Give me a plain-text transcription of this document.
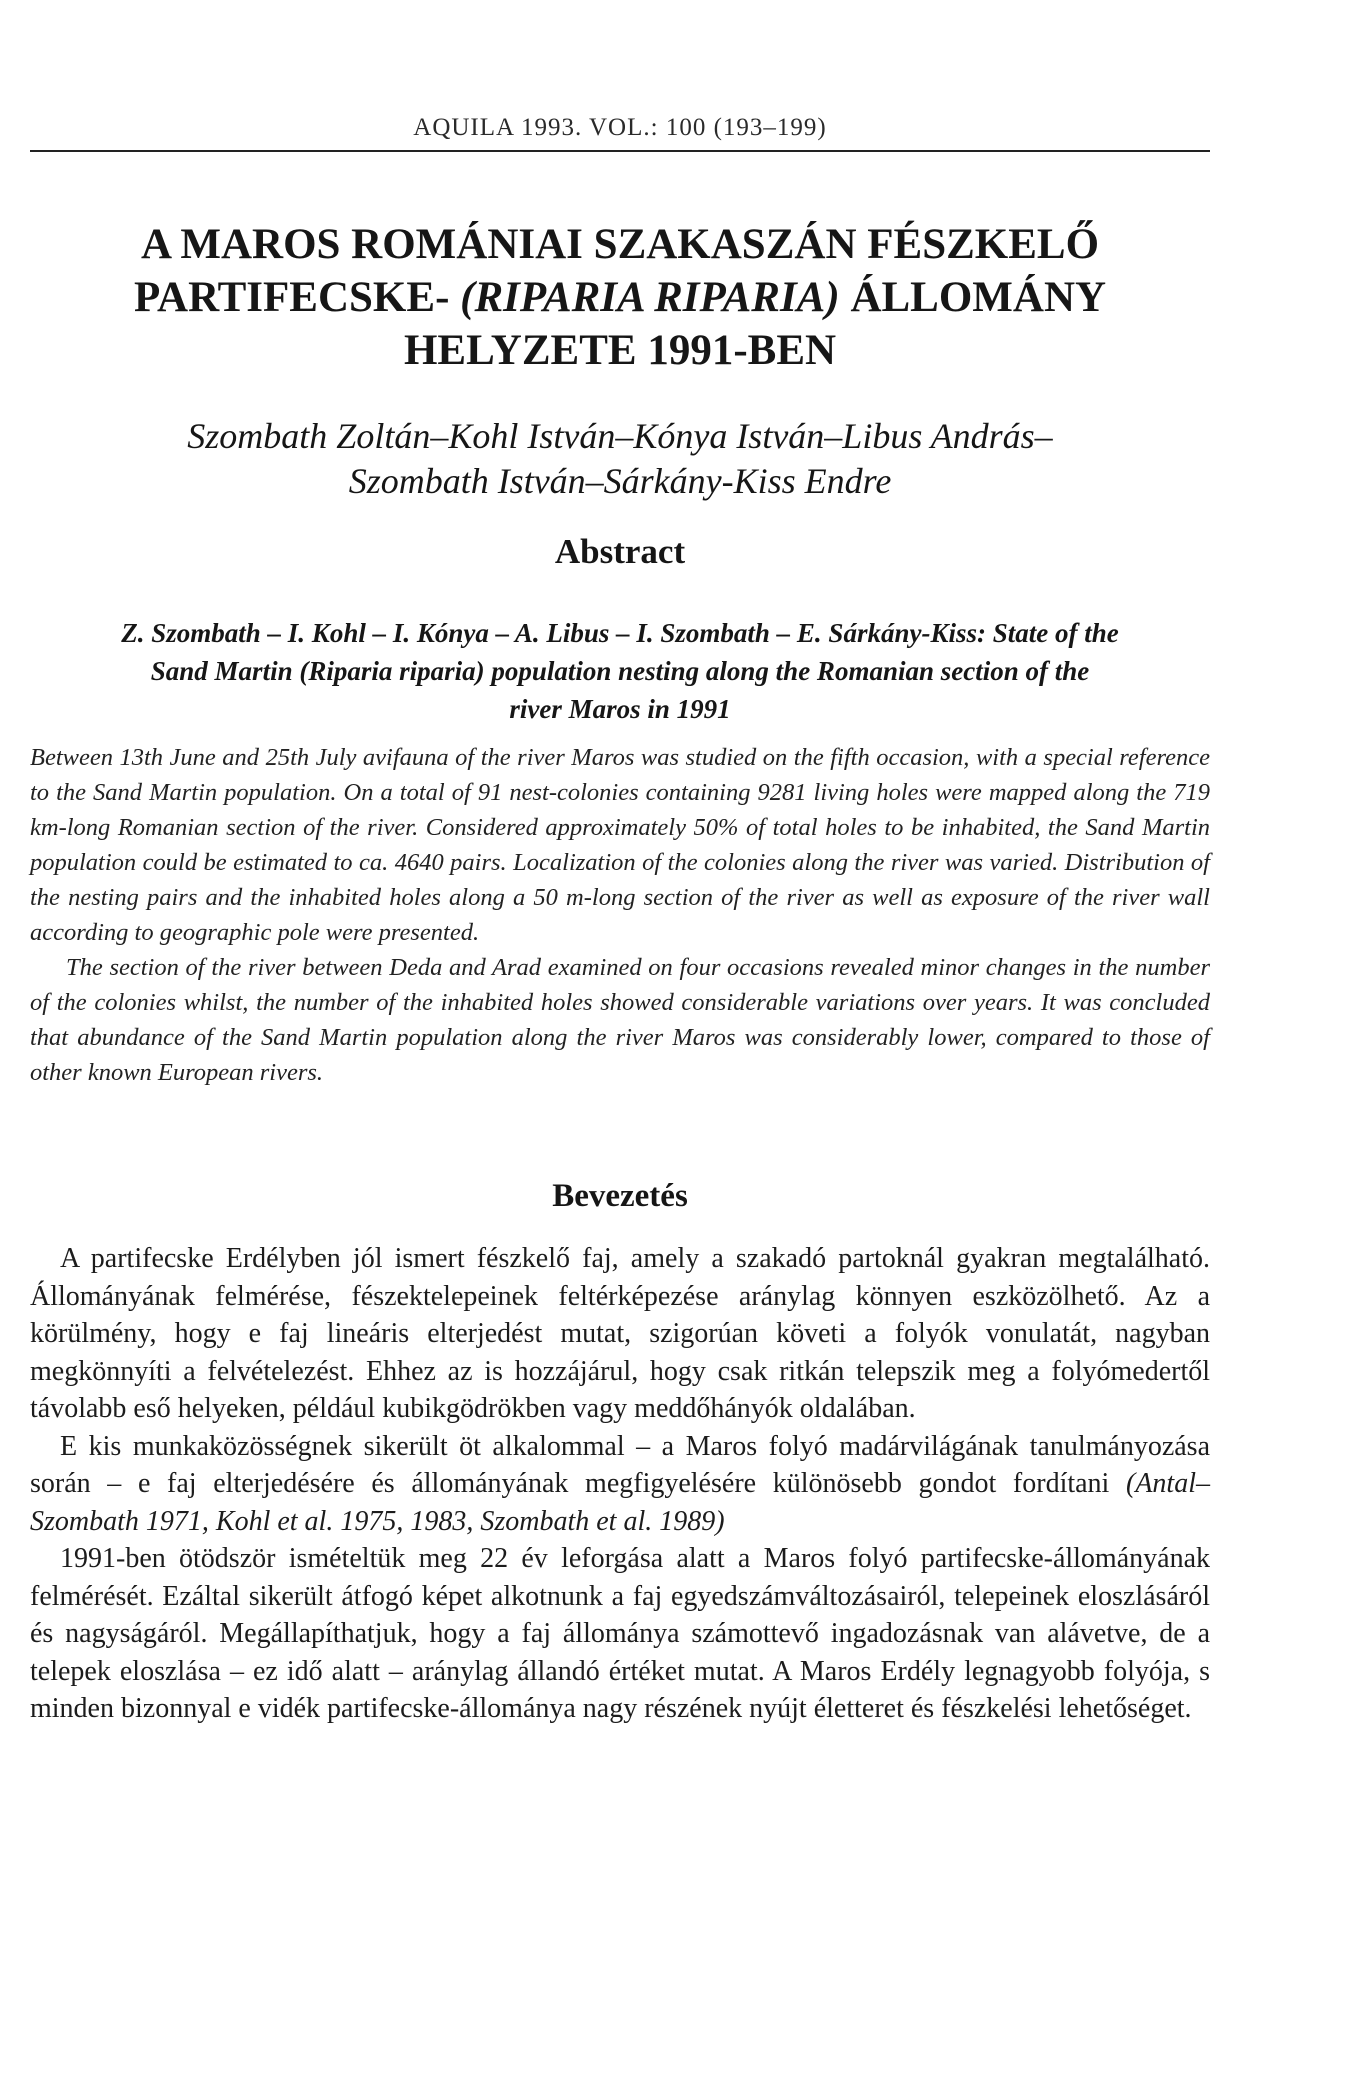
AQUILA 1993. VOL.: 100 (193–199)
A MAROS ROMÁNIAI SZAKASZÁN FÉSZKELŐ
PARTIFECSKE- (RIPARIA RIPARIA) ÁLLOMÁNY
HELYZETE 1991-BEN
Szombath Zoltán–Kohl István–Kónya István–Libus András–
Szombath István–Sárkány-Kiss Endre
Abstract
Z. Szombath – I. Kohl – I. Kónya – A. Libus – I. Szombath – E. Sárkány-Kiss: State of the
Sand Martin (Riparia riparia) population nesting along the Romanian section of the
river Maros in 1991

Between 13th June and 25th July avifauna of the river Maros was studied on the fifth occasion, with a special reference to the Sand Martin population. On a total of 91 nest-colonies containing 9281 living holes were mapped along the 719 km-long Romanian section of the river. Considered approximately 50% of total holes to be inhabited, the Sand Martin population could be estimated to ca. 4640 pairs. Localization of the colonies along the river was varied. Distribution of the nesting pairs and the inhabited holes along a 50 m-long section of the river as well as exposure of the river wall according to geographic pole were presented.

The section of the river between Deda and Arad examined on four occasions revealed minor changes in the number of the colonies whilst, the number of the inhabited holes showed considerable variations over years. It was concluded that abundance of the Sand Martin population along the river Maros was considerably lower, compared to those of other known European rivers.

Bevezetés

A partifecske Erdélyben jól ismert fészkelő faj, amely a szakadó partoknál gyakran megtalálható. Állományának felmérése, fészektelepeinek feltérképezése aránylag könnyen eszközölhető. Az a körülmény, hogy e faj lineáris elterjedést mutat, szigorúan követi a folyók vonulatát, nagyban megkönnyíti a felvételezést. Ehhez az is hozzájárul, hogy csak ritkán telepszik meg a folyómedertől távolabb eső helyeken, például kubikgödrökben vagy meddőhányók oldalában.

E kis munkaközösségnek sikerült öt alkalommal – a Maros folyó madárvilágának tanulmányozása során – e faj elterjedésére és állományának megfigyelésére különösebb gondot fordítani (Antal–Szombath 1971, Kohl et al. 1975, 1983, Szombath et al. 1989)

1991-ben ötödször ismételtük meg 22 év leforgása alatt a Maros folyó partifecske-állományának felmérését. Ezáltal sikerült átfogó képet alkotnunk a faj egyedszámváltozásairól, telepeinek eloszlásáról és nagyságáról. Megállapíthatjuk, hogy a faj állománya számottevő ingadozásnak van alávetve, de a telepek eloszlása – ez idő alatt – aránylag állandó értéket mutat. A Maros Erdély legnagyobb folyója, s minden bizonnyal e vidék partifecske-állománya nagy részének nyújt életteret és fészkelési lehetőséget.
